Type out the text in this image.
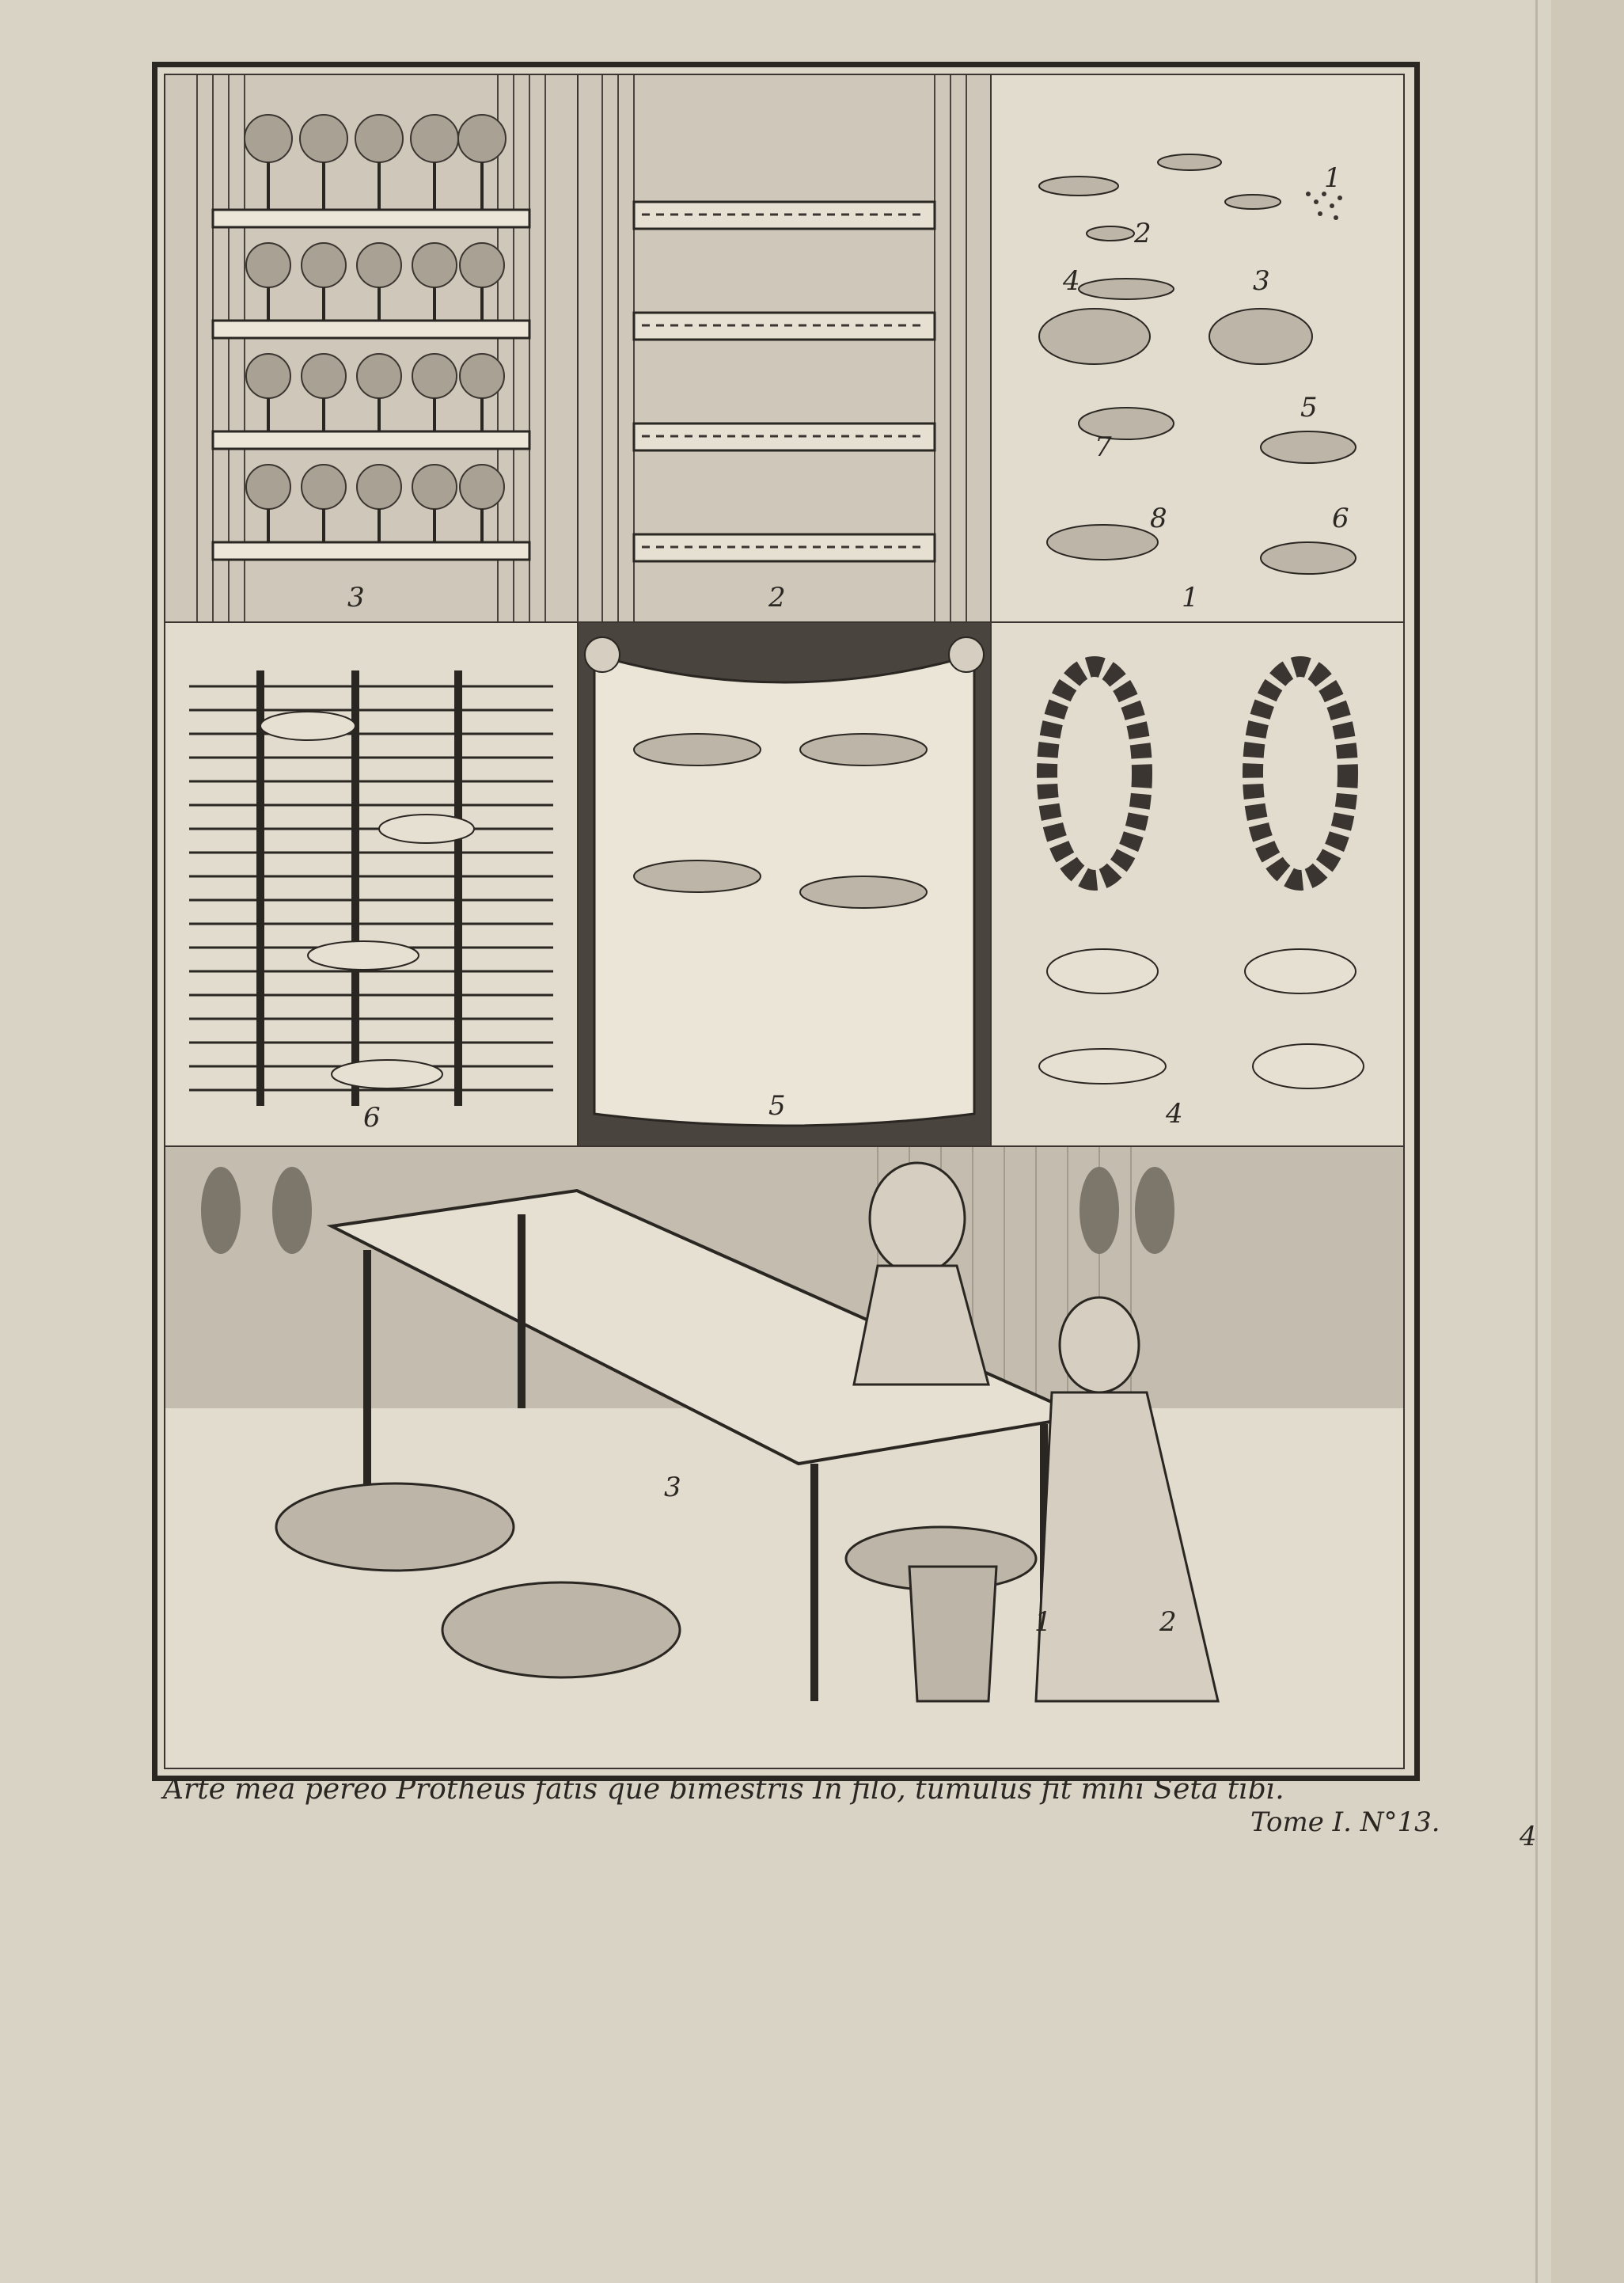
3	2
1
2
3
4
5
6
7
8
1
6	5	4
1	2
3
Arte mea pereo Protheus fatis que bimestris In filo, tumulus fit mihi Seta tibi.
Tome I. N°13.	4
